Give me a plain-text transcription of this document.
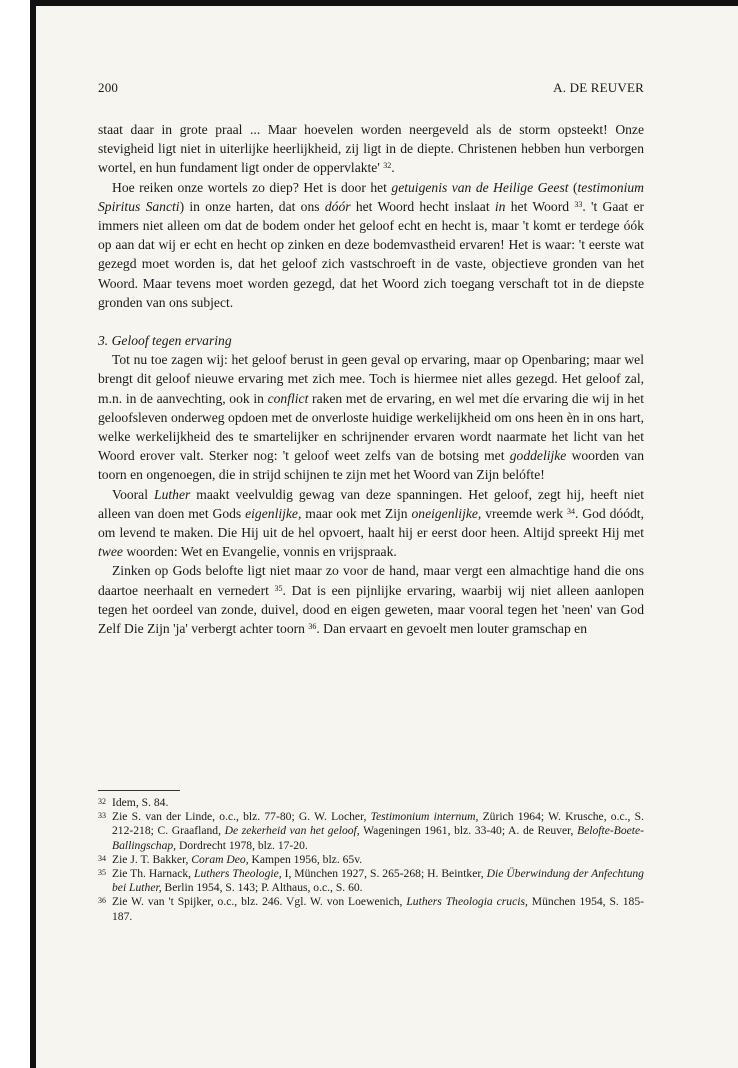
200	A. DE REUVER

staat daar in grote praal ... Maar hoevelen worden neergeveld als de storm opsteekt! Onze stevigheid ligt niet in uiterlijke heerlijkheid, zij ligt in de diepte. Christenen hebben hun verborgen wortel, en hun fundament ligt onder de oppervlakte' $^{32}$.

Hoe reiken onze wortels zo diep? Het is door het getuigenis van de Heilige Geest (testimonium Spiritus Sancti) in onze harten, dat ons dóór het Woord hecht inslaat in het Woord $^{33}$. 't Gaat er immers niet alleen om dat de bodem onder het geloof echt en hecht is, maar 't komt er terdege óók op aan dat wij er echt en hecht op zinken en deze bodemvastheid ervaren! Het is waar: 't eerste wat gezegd moet worden is, dat het geloof zich vastschroeft in de vaste, objectieve gronden van het Woord. Maar tevens moet worden gezegd, dat het Woord zich toegang verschaft tot in de diepste gronden van ons subject.

3. Geloof tegen ervaring

Tot nu toe zagen wij: het geloof berust in geen geval op ervaring, maar op Openbaring; maar wel brengt dit geloof nieuwe ervaring met zich mee. Toch is hiermee niet alles gezegd. Het geloof zal, m.n. in de aanvechting, ook in conflict raken met de ervaring, en wel met díe ervaring die wij in het geloofsleven onderweg opdoen met de onverloste huidige werkelijkheid om ons heen èn in ons hart, welke werkelijkheid des te smartelijker en schrijnender ervaren wordt naarmate het licht van het Woord erover valt. Sterker nog: 't geloof weet zelfs van de botsing met goddelijke woorden van toorn en ongenoegen, die in strijd schijnen te zijn met het Woord van Zijn belófte!

Vooral Luther maakt veelvuldig gewag van deze spanningen. Het geloof, zegt hij, heeft niet alleen van doen met Gods eigenlijke, maar ook met Zijn oneigenlijke, vreemde werk $^{34}$. God dóódt, om levend te maken. Die Hij uit de hel opvoert, haalt hij er eerst door heen. Altijd spreekt Hij met twee woorden: Wet en Evangelie, vonnis en vrijspraak.

Zinken op Gods belofte ligt niet maar zo voor de hand, maar vergt een almachtige hand die ons daartoe neerhaalt en vernedert $^{35}$. Dat is een pijnlijke ervaring, waarbij wij niet alleen aanlopen tegen het oordeel van zonde, duivel, dood en eigen geweten, maar vooral tegen het 'neen' van God Zelf Die Zijn 'ja' verbergt achter toorn $^{36}$. Dan ervaart en gevoelt men louter gramschap en

$^{32}$ Idem, S. 84.

$^{33}$ Zie S. van der Linde, o.c., blz. 77-80; G. W. Locher, Testimonium internum, Zürich 1964; W. Krusche, o.c., S. 212-218; C. Graafland, De zekerheid van het geloof, Wageningen 1961, blz. 33-40; A. de Reuver, Belofte-Boete-Ballingschap, Dordrecht 1978, blz. 17-20.

$^{34}$ Zie J. T. Bakker, Coram Deo, Kampen 1956, blz. 65v.

$^{35}$ Zie Th. Harnack, Luthers Theologie, I, München 1927, S. 265-268; H. Beintker, Die Überwindung der Anfechtung bei Luther, Berlin 1954, S. 143; P. Althaus, o.c., S. 60.

$^{36}$ Zie W. van 't Spijker, o.c., blz. 246. Vgl. W. von Loewenich, Luthers Theologia crucis, München 1954, S. 185-187.
